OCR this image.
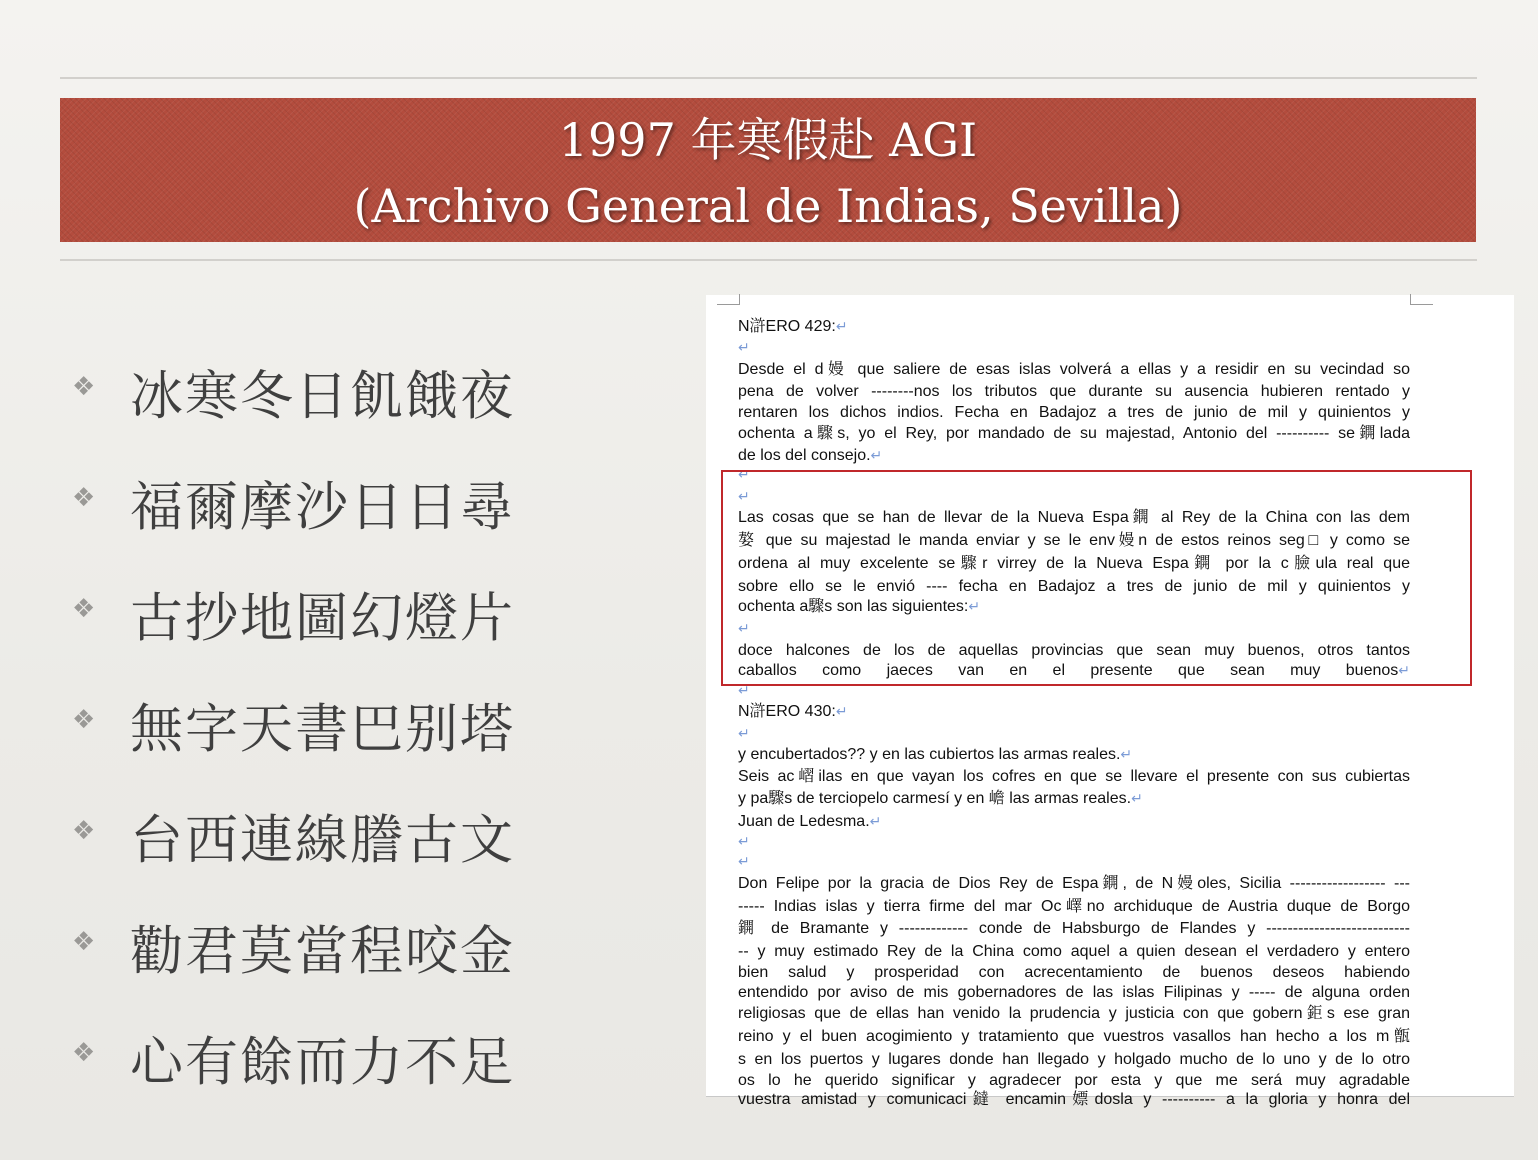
1997 年寒假赴 AGI
(Archivo General de Indias, Sevilla)
❖ 冰寒冬日飢餓夜
❖ 福爾摩沙日日尋
❖ 古抄地圖幻燈片
❖ 無字天書巴别塔
❖ 台西連線謄古文
❖ 勸君莫當程咬金
❖ 心有餘而力不足
N滸ERO 429:↵
↵
Desde el d嫚 que saliere de esas islas volverá a ellas y a residir en su vecindad so
pena de volver --------nos los tributos que durante su ausencia hubieren rentado y
rentaren los dichos indios. Fecha en Badajoz a tres de junio de mil y quinientos y
ochenta a驟s, yo el Rey, por mandado de su majestad, Antonio del ---------- se鐦lada
de los del consejo.↵
↵
↵
Las cosas que se han de llevar de la Nueva Espa鐦 al Rey de la China con las dem
嫯 que su majestad le manda enviar y se le env嫚n de estos reinos seg□ y como se
ordena al muy excelente se驟r virrey de la Nueva Espa鐦 por la c臉ula real que
sobre ello se le envió ---- fecha en Badajoz a tres de junio de mil y quinientos y
ochenta a驟s son las siguientes:↵
↵
doce halcones de los de aquellas provincias que sean muy buenos, otros tantos
caballos como jaeces van en el presente que sean muy buenos↵
↵
N滸ERO 430:↵
↵
y encubertados?? y en las cubiertos las armas reales.↵
Seis ac嶍ilas en que vayan los cofres en que se llevare el presente con sus cubiertas
y pa驟s de terciopelo carmesí y en 嶦 las armas reales.↵
Juan de Ledesma.↵
↵
↵
Don Felipe por la gracia de Dios Rey de Espa鐦, de N嫚oles, Sicilia ------------------ ---
----- Indias islas y tierra firme del mar Oc嶧no archiduque de Austria duque de Borgo
鐦 de Bramante y ------------- conde de Habsburgo de Flandes y ---------------------------
-- y muy estimado Rey de la China como aquel a quien desean el verdadero y entero
bien salud y prosperidad con acrecentamiento de buenos deseos habiendo
entendido por aviso de mis gobernadores de las islas Filipinas y ----- de alguna orden
religiosas que de ellas han venido la prudencia y justicia con que gobern鉅s ese gran
reino y el buen acogimiento y tratamiento que vuestros vasallos han hecho a los m甑
s en los puertos y lugares donde han llegado y holgado mucho de lo uno y de lo otro
os lo he querido significar y agradecer por esta y que me será muy agradable
vuestra amistad y comunicaci鐽 encamin嫖dosla y ---------- a la gloria y honra del
